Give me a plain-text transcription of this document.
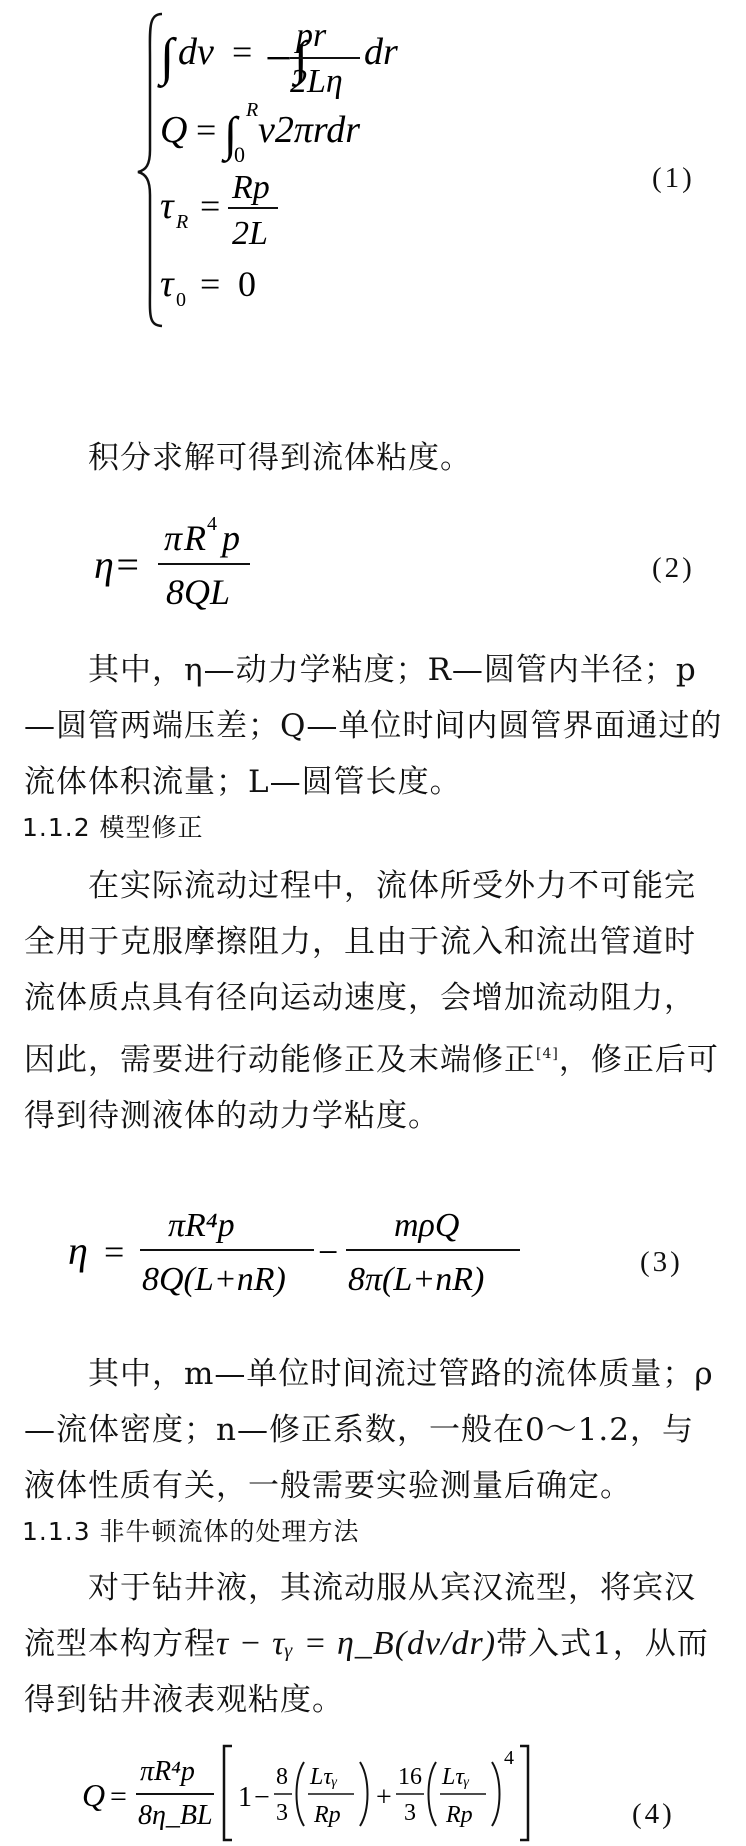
∫ dv = −∫
pr
2Lη
dr
Q = ∫ R
0
v2πrdr
τ R = Rp
2L
τ 0 = 0
(1)
积分求解可得到流体粘度。
η=
π R 4 p
8QL
(2)
其中，η—动力学粘度；R—圆管内半径；p—圆管两端压差；Q—单位时间内圆管界面通过的流体体积流量；L—圆管长度。
1.1.2 模型修正
在实际流动过程中，流体所受外力不可能完全用于克服摩擦阻力，且由于流入和流出管道时流体质点具有径向运动速度，会增加流动阻力，因此，需要进行动能修正及末端修正[4]，修正后可得到待测液体的动力学粘度。
η =
πR⁴p
8Q(L+nR)
−
mρQ
8π(L+nR)	(3)
其中，m—单位时间流过管路的流体质量；ρ—流体密度；n—修正系数，一般在0～1.2，与液体性质有关，一般需要实验测量后确定。
1.1.3 非牛顿流体的处理方法
对于钻井液，其流动服从宾汉流型，将宾汉流型本构方程τ − τᵧ = η_B(dv/dr)带入式1，从而得到钻井液表观粘度。
Q =
πR⁴p
8η_BL
1 −
8
3
Lτᵧ
Rp
+
16
3
Lτᵧ
Rp
4
(4)
